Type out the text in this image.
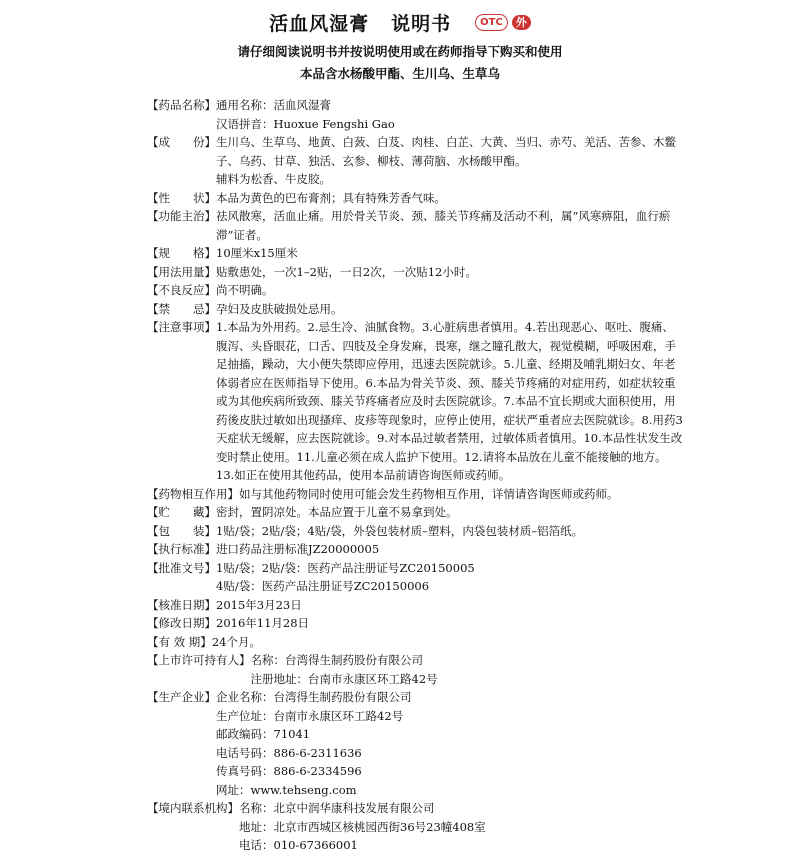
活血风湿膏 说明书	OTC	外
请仔细阅读说明书并按说明使用或在药师指导下购买和使用
本品含水杨酸甲酯、生川乌、生草乌
【药品名称】 通用名称：活血风湿膏
汉语拼音：Huoxue Fengshi Gao
【成　　份】 生川乌、生草乌、地黄、白蔹、白芨、肉桂、白芷、大黄、当归、赤芍、羌活、苦参、木鳖
子、乌药、甘草、独活、玄参、柳枝、薄荷脑、水杨酸甲酯。
辅料为松香、牛皮胶。
【性　　状】 本品为黄色的巴布膏剂；具有特殊芳香气味。
【功能主治】 祛风散寒，活血止痛。用於骨关节炎、颈、膝关节疼痛及活动不利，属“风寒痹阻，血行瘀
滞”证者。
【规　　格】 10厘米x15厘米
【用法用量】 贴敷患处，一次1–2贴，一日2次，一次贴12小时。
【不良反应】 尚不明确。
【禁　　忌】 孕妇及皮肤破损处忌用。
【注意事项】 1.本品为外用药。2.忌生冷、油腻食物。3.心脏病患者慎用。4.若出现恶心、呕吐、腹痛、
腹泻、头昏眼花，口舌、四肢及全身发麻，畏寒，继之瞳孔散大，视觉模糊，呼吸困难，手
足抽搐，躁动，大小便失禁即应停用，迅速去医院就诊。5.儿童、经期及哺乳期妇女、年老
体弱者应在医师指导下使用。6.本品为骨关节炎、颈、膝关节疼痛的对症用药，如症状较重
或为其他疾病所致颈、膝关节疼痛者应及时去医院就诊。7.本品不宜长期或大面积使用，用
药後皮肤过敏如出现搔痒、皮疹等现象时，应停止使用，症状严重者应去医院就诊。8.用药3
天症状无缓解，应去医院就诊。9.对本品过敏者禁用，过敏体质者慎用。10.本品性状发生改
变时禁止使用。11.儿童必须在成人监护下使用。12.请将本品放在儿童不能接触的地方。
13.如正在使用其他药品，使用本品前请咨询医师或药师。
【药物相互作用】 如与其他药物同时使用可能会发生药物相互作用，详情请咨询医师或药师。
【贮　　藏】 密封，置阴凉处。本品应置于儿童不易拿到处。
【包　　装】 1贴/袋；2贴/袋；4贴/袋，外袋包装材质–塑料，内袋包装材质–铝箔纸。
【执行标准】 进口药品注册标准JZ20000005
【批准文号】 1贴/袋；2贴/袋：医药产品注册证号ZC20150005
4贴/袋：医药产品注册证号ZC20150006
【核准日期】 2015年3月23日
【修改日期】 2016年11月28日
【有 效 期】 24个月。
【上市许可持有人】 名称：台湾得生制药股份有限公司
注册地址：台南市永康区环工路42号
【生产企业】 企业名称：台湾得生制药股份有限公司
生产位址：台南市永康区环工路42号
邮政编码：71041
电话号码：886-6-2311636
传真号码：886-6-2334596
网址：www.tehseng.com
【境内联系机构】 名称：北京中润华康科技发展有限公司
地址：北京市西城区核桃园西街36号23幢408室
电话：010-67366001
